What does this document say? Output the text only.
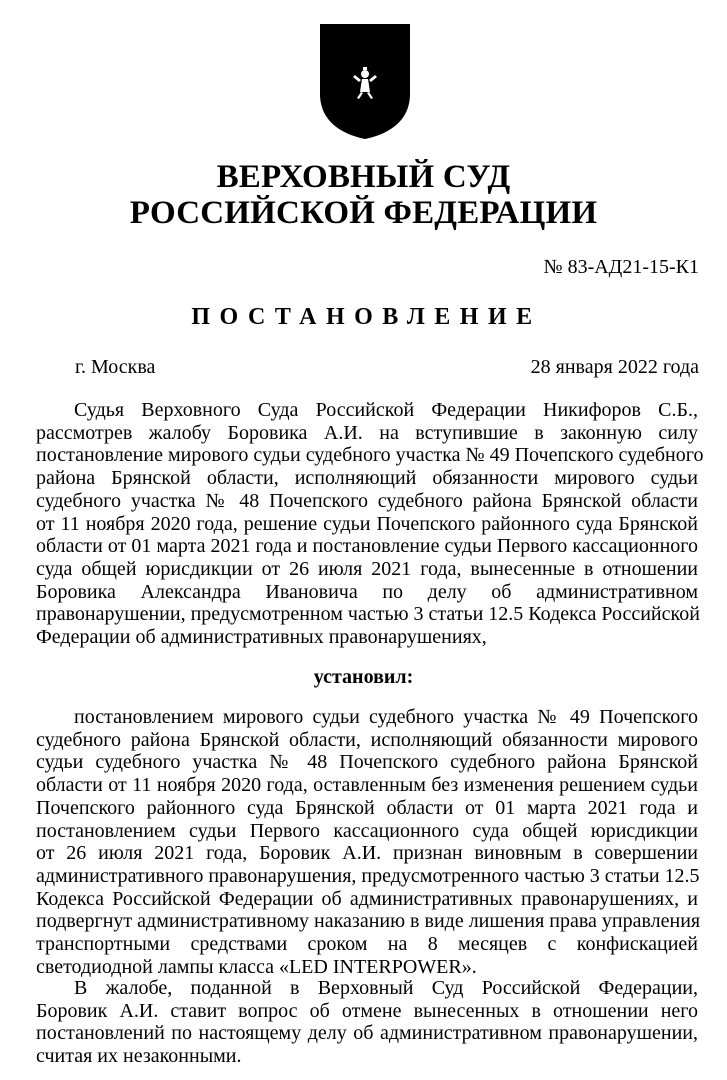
ВЕРХОВНЫЙ СУД
РОССИЙСКОЙ ФЕДЕРАЦИИ
№ 83-АД21-15-К1
ПОСТАНОВЛЕНИЕ
г. Москва	28 января 2022 года
Судья Верховного Суда Российской Федерации Никифоров С.Б.,
рассмотрев жалобу Боровика А.И. на вступившие в законную силу
постановление мирового судьи судебного участка № 49 Почепского судебного
района Брянской области, исполняющий обязанности мирового судьи
судебного участка № 48 Почепского судебного района Брянской области
от 11 ноября 2020 года, решение судьи Почепского районного суда Брянской
области от 01 марта 2021 года и постановление судьи Первого кассационного
суда общей юрисдикции от 26 июля 2021 года, вынесенные в отношении
Боровика Александра Ивановича по делу об административном
правонарушении, предусмотренном частью 3 статьи 12.5 Кодекса Российской
Федерации об административных правонарушениях,
установил:
постановлением мирового судьи судебного участка № 49 Почепского
судебного района Брянской области, исполняющий обязанности мирового
судьи судебного участка № 48 Почепского судебного района Брянской
области от 11 ноября 2020 года, оставленным без изменения решением судьи
Почепского районного суда Брянской области от 01 марта 2021 года и
постановлением судьи Первого кассационного суда общей юрисдикции
от 26 июля 2021 года, Боровик А.И. признан виновным в совершении
административного правонарушения, предусмотренного частью 3 статьи 12.5
Кодекса Российской Федерации об административных правонарушениях, и
подвергнут административному наказанию в виде лишения права управления
транспортными средствами сроком на 8 месяцев с конфискацией
светодиодной лампы класса «LED INTERPOWER».
В жалобе, поданной в Верховный Суд Российской Федерации,
Боровик А.И. ставит вопрос об отмене вынесенных в отношении него
постановлений по настоящему делу об административном правонарушении,
считая их незаконными.
